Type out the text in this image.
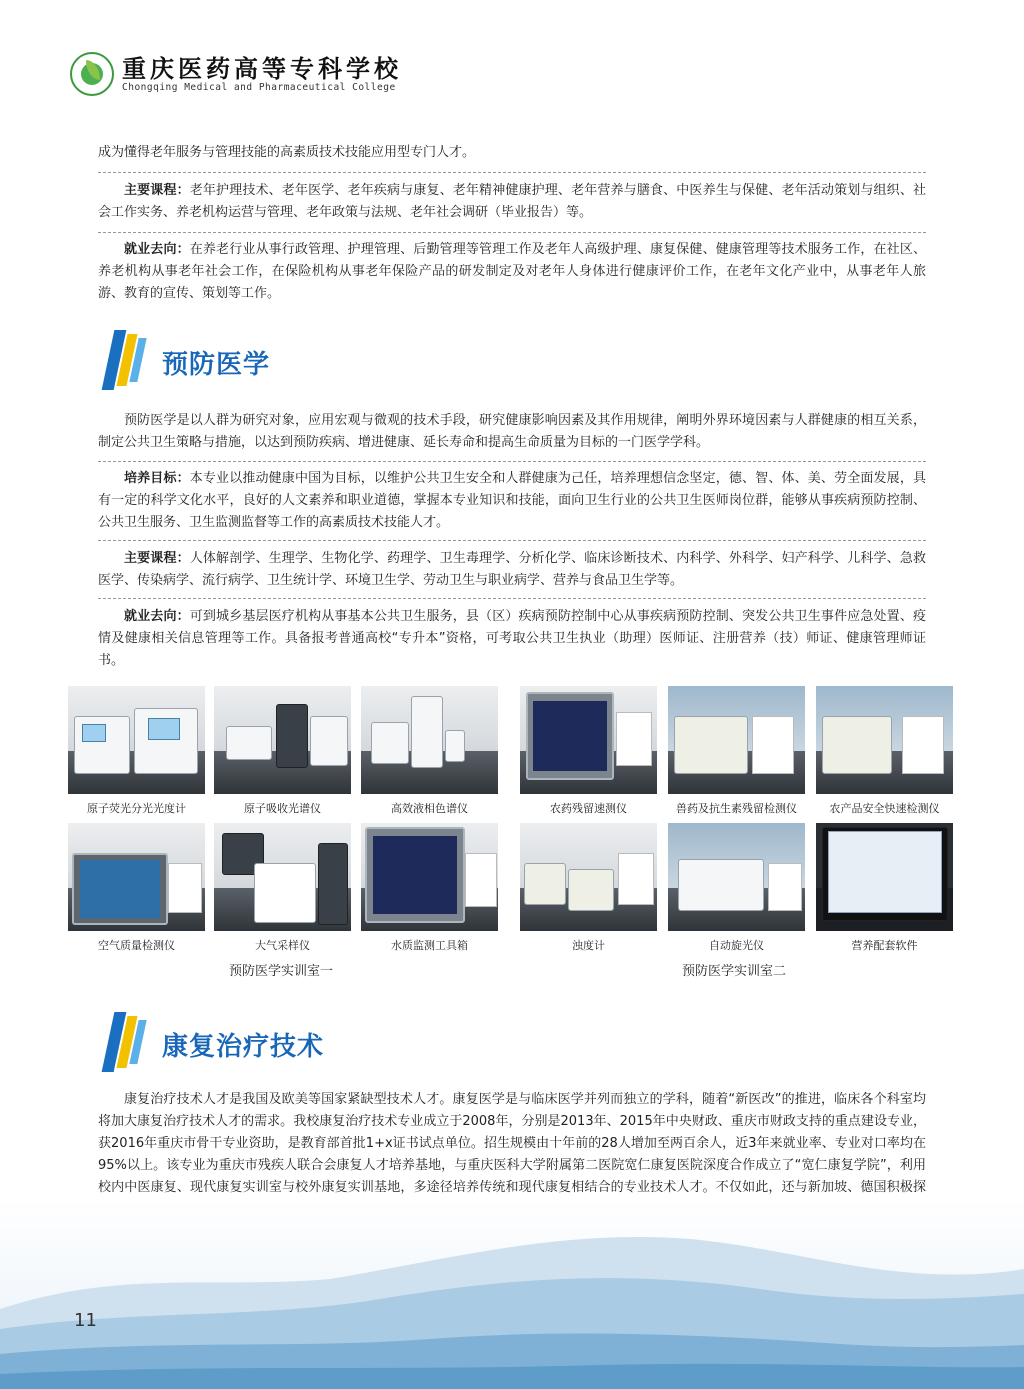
重庆医药高等专科学校
Chongqing Medical and Pharmaceutical College
成为懂得老年服务与管理技能的高素质技术技能应用型专门人才。
主要课程：老年护理技术、老年医学、老年疾病与康复、老年精神健康护理、老年营养与膳食、中医养生与保健、老年活动策划与组织、社会工作实务、养老机构运营与管理、老年政策与法规、老年社会调研（毕业报告）等。
就业去向：在养老行业从事行政管理、护理管理、后勤管理等管理工作及老年人高级护理、康复保健、健康管理等技术服务工作，在社区、养老机构从事老年社会工作，在保险机构从事老年保险产品的研发制定及对老年人身体进行健康评价工作，在老年文化产业中，从事老年人旅游、教育的宣传、策划等工作。
预防医学
预防医学是以人群为研究对象，应用宏观与微观的技术手段，研究健康影响因素及其作用规律，阐明外界环境因素与人群健康的相互关系，制定公共卫生策略与措施，以达到预防疾病、增进健康、延长寿命和提高生命质量为目标的一门医学学科。
培养目标：本专业以推动健康中国为目标，以维护公共卫生安全和人群健康为己任，培养理想信念坚定，德、智、体、美、劳全面发展，具有一定的科学文化水平，良好的人文素养和职业道德，掌握本专业知识和技能，面向卫生行业的公共卫生医师岗位群，能够从事疾病预防控制、公共卫生服务、卫生监测监督等工作的高素质技术技能人才。
主要课程：人体解剖学、生理学、生物化学、药理学、卫生毒理学、分析化学、临床诊断技术、内科学、外科学、妇产科学、儿科学、急救医学、传染病学、流行病学、卫生统计学、环境卫生学、劳动卫生与职业病学、营养与食品卫生学等。
就业去向：可到城乡基层医疗机构从事基本公共卫生服务，县（区）疾病预防控制中心从事疾病预防控制、突发公共卫生事件应急处置、疫情及健康相关信息管理等工作。具备报考普通高校“专升本”资格，可考取公共卫生执业（助理）医师证、注册营养（技）师证、健康管理师证书。
原子荧光分光光度计	原子吸收光谱仪	高效液相色谱仪	农药残留速测仪	兽药及抗生素残留检测仪	农产品安全快速检测仪
空气质量检测仪	大气采样仪	水质监测工具箱	浊度计	自动旋光仪	营养配套软件
预防医学实训室一	预防医学实训室二
康复治疗技术
康复治疗技术人才是我国及欧美等国家紧缺型技术人才。康复医学是与临床医学并列而独立的学科，随着“新医改”的推进，临床各个科室均将加大康复治疗技术人才的需求。我校康复治疗技术专业成立于2008年，分别是2013年、2015年中央财政、重庆市财政支持的重点建设专业，获2016年重庆市骨干专业资助，是教育部首批1+x证书试点单位。招生规模由十年前的28人增加至两百余人，近3年来就业率、专业对口率均在95%以上。该专业为重庆市残疾人联合会康复人才培养基地，与重庆医科大学附属第二医院宽仁康复医院深度合作成立了“宽仁康复学院”，利用校内中医康复、现代康复实训室与校外康复实训基地，多途径培养传统和现代康复相结合的专业技术人才。不仅如此，还与新加坡、德国积极探
11
